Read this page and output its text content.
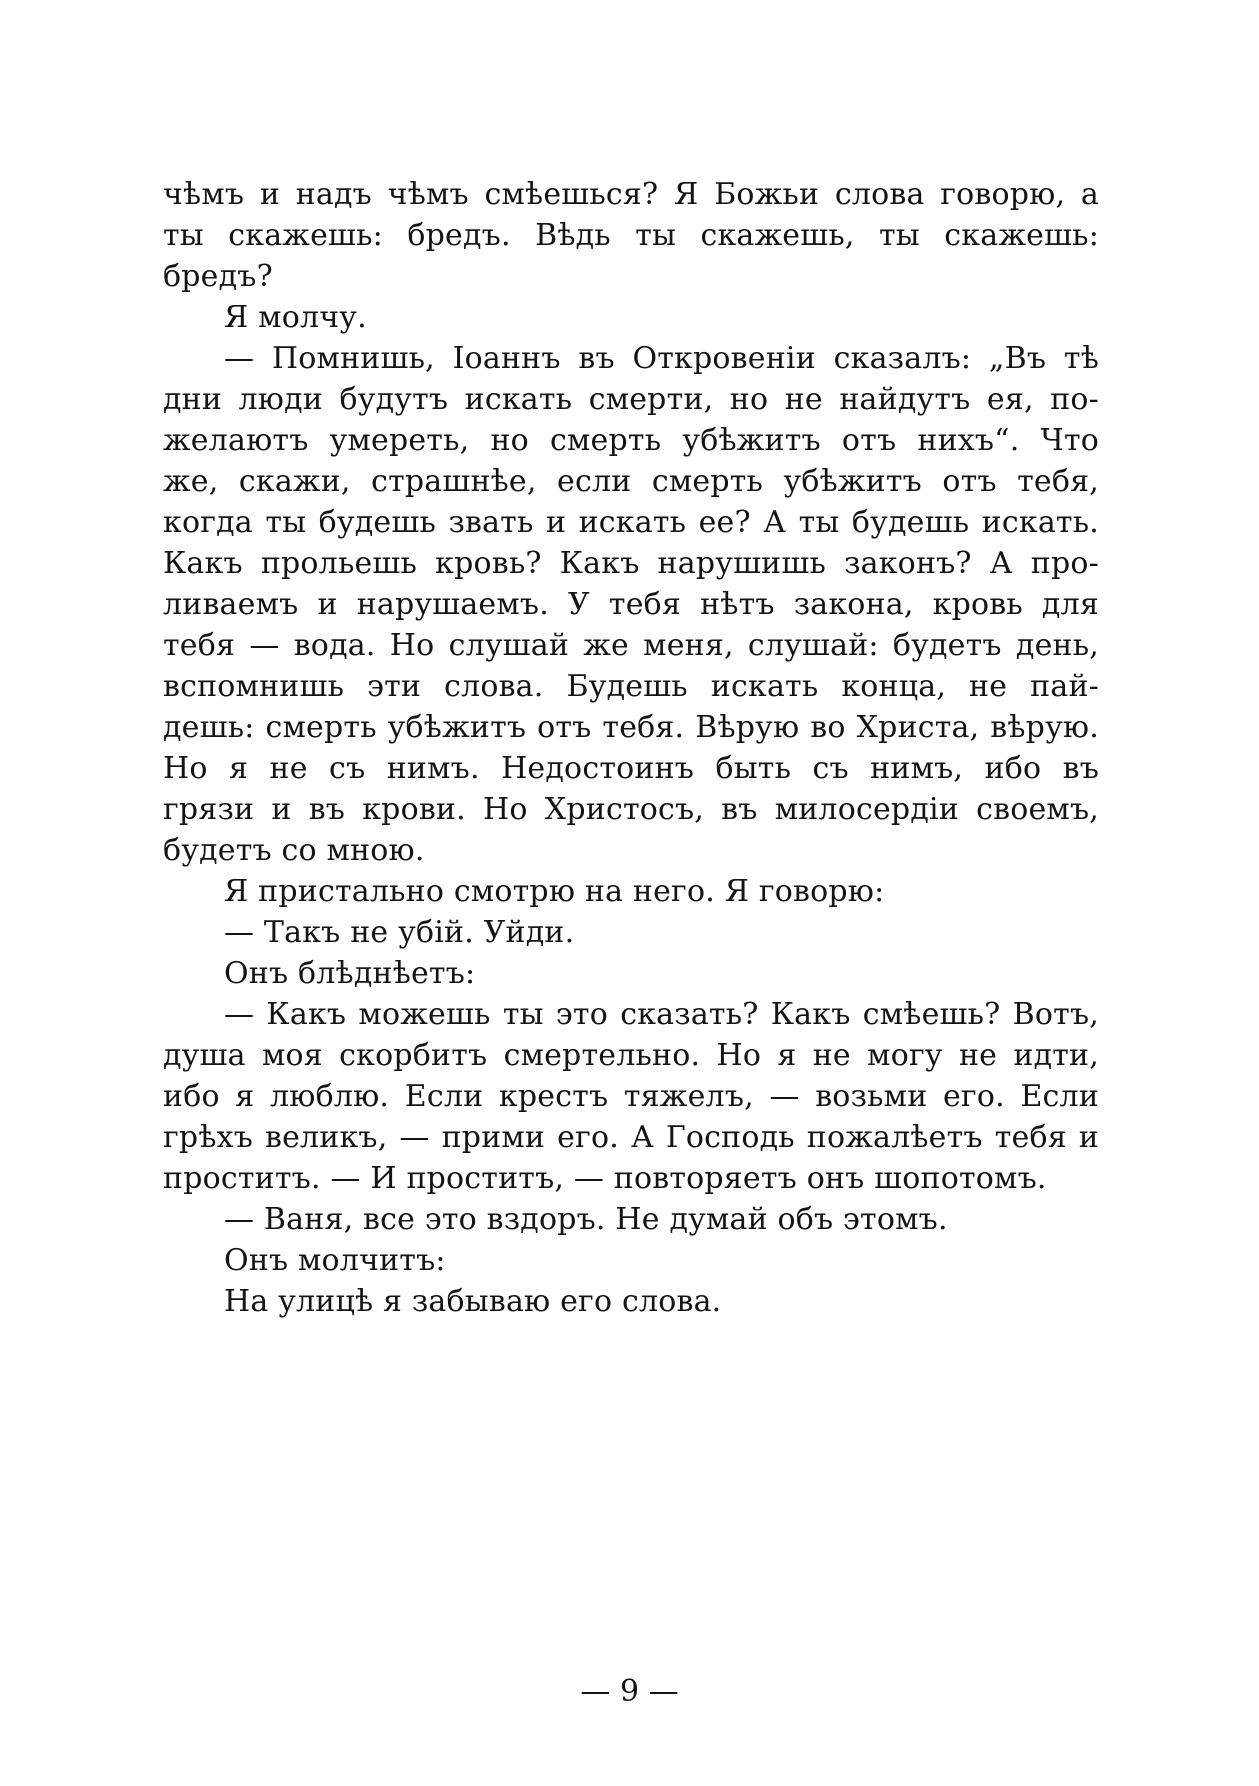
чѣмъ и надъ чѣмъ смѣешься? Я Божьи слова говорю, а
ты скажешь: бредъ. Вѣдь ты скажешь, ты скажешь:
бредъ?
Я молчу.
— Помнишь, Іоаннъ въ Откровеніи сказалъ: „Въ тѣ
дни люди будутъ искать смерти, но не найдутъ ея, по-
желаютъ умереть, но смерть убѣжитъ отъ нихъ“. Что
же, скажи, страшнѣе, если смерть убѣжитъ отъ тебя,
когда ты будешь звать и искать ее? А ты будешь искать.
Какъ прольешь кровь? Какъ нарушишь законъ? А про-
ливаемъ и нарушаемъ. У тебя нѣтъ закона, кровь для
тебя — вода. Но слушай же меня, слушай: будетъ день,
вспомнишь эти слова. Будешь искать конца, не пай-
дешь: смерть убѣжитъ отъ тебя. Вѣрую во Христа, вѣрую.
Но я не съ нимъ. Недостоинъ быть съ нимъ, ибо въ
грязи и въ крови. Но Христосъ, въ милосердіи своемъ,
будетъ со мною.
Я пристально смотрю на него. Я говорю:
— Такъ не убій. Уйди.
Онъ блѣднѣетъ:
— Какъ можешь ты это сказать? Какъ смѣешь? Вотъ,
душа моя скорбитъ смертельно. Но я не могу не идти,
ибо я люблю. Если крестъ тяжелъ, — возьми его. Если
грѣхъ великъ, — прими его. А Господь пожалѣетъ тебя и
проститъ. — И проститъ, — повторяетъ онъ шопотомъ.
— Ваня, все это вздоръ. Не думай объ этомъ.
Онъ молчитъ:
На улицѣ я забываю его слова.
— 9 —
